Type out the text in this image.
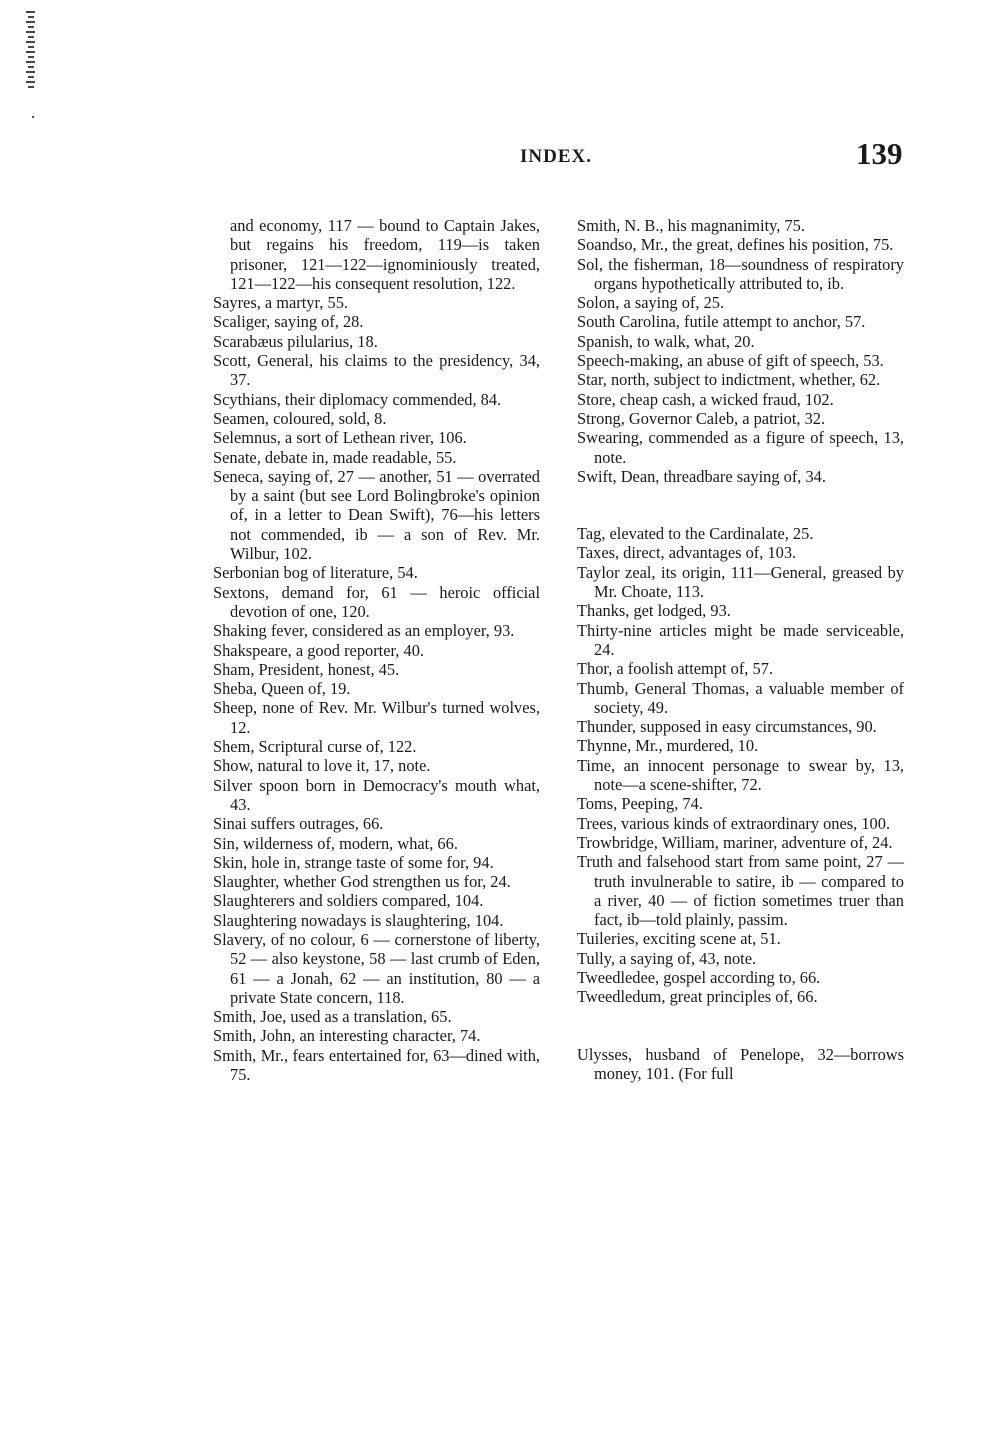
INDEX.	139
and economy, 117 — bound to Captain Jakes, but regains his freedom, 119—is taken prisoner, 121—122—ignominiously treated, 121—122—his consequent resolution, 122.
Sayres, a martyr, 55.
Scaliger, saying of, 28.
Scarabæus pilularius, 18.
Scott, General, his claims to the presidency, 34, 37.
Scythians, their diplomacy commended, 84.
Seamen, coloured, sold, 8.
Selemnus, a sort of Lethean river, 106.
Senate, debate in, made readable, 55.
Seneca, saying of, 27 — another, 51 — overrated by a saint (but see Lord Bolingbroke's opinion of, in a letter to Dean Swift), 76—his letters not commended, ib — a son of Rev. Mr. Wilbur, 102.
Serbonian bog of literature, 54.
Sextons, demand for, 61 — heroic official devotion of one, 120.
Shaking fever, considered as an employer, 93.
Shakspeare, a good reporter, 40.
Sham, President, honest, 45.
Sheba, Queen of, 19.
Sheep, none of Rev. Mr. Wilbur's turned wolves, 12.
Shem, Scriptural curse of, 122.
Show, natural to love it, 17, note.
Silver spoon born in Democracy's mouth what, 43.
Sinai suffers outrages, 66.
Sin, wilderness of, modern, what, 66.
Skin, hole in, strange taste of some for, 94.
Slaughter, whether God strengthen us for, 24.
Slaughterers and soldiers compared, 104.
Slaughtering nowadays is slaughtering, 104.
Slavery, of no colour, 6 — cornerstone of liberty, 52 — also keystone, 58 — last crumb of Eden, 61 — a Jonah, 62 — an institution, 80 — a private State concern, 118.
Smith, Joe, used as a translation, 65.
Smith, John, an interesting character, 74.
Smith, Mr., fears entertained for, 63—dined with, 75.
Smith, N. B., his magnanimity, 75.
Soandso, Mr., the great, defines his position, 75.
Sol, the fisherman, 18—soundness of respiratory organs hypothetically attributed to, ib.
Solon, a saying of, 25.
South Carolina, futile attempt to anchor, 57.
Spanish, to walk, what, 20.
Speech-making, an abuse of gift of speech, 53.
Star, north, subject to indictment, whether, 62.
Store, cheap cash, a wicked fraud, 102.
Strong, Governor Caleb, a patriot, 32.
Swearing, commended as a figure of speech, 13, note.
Swift, Dean, threadbare saying of, 34.
Tag, elevated to the Cardinalate, 25.
Taxes, direct, advantages of, 103.
Taylor zeal, its origin, 111—General, greased by Mr. Choate, 113.
Thanks, get lodged, 93.
Thirty-nine articles might be made serviceable, 24.
Thor, a foolish attempt of, 57.
Thumb, General Thomas, a valuable member of society, 49.
Thunder, supposed in easy circumstances, 90.
Thynne, Mr., murdered, 10.
Time, an innocent personage to swear by, 13, note—a scene-shifter, 72.
Toms, Peeping, 74.
Trees, various kinds of extraordinary ones, 100.
Trowbridge, William, mariner, adventure of, 24.
Truth and falsehood start from same point, 27 — truth invulnerable to satire, ib — compared to a river, 40 — of fiction sometimes truer than fact, ib—told plainly, passim.
Tuileries, exciting scene at, 51.
Tully, a saying of, 43, note.
Tweedledee, gospel according to, 66.
Tweedledum, great principles of, 66.
Ulysses, husband of Penelope, 32—borrows money, 101. (For full
